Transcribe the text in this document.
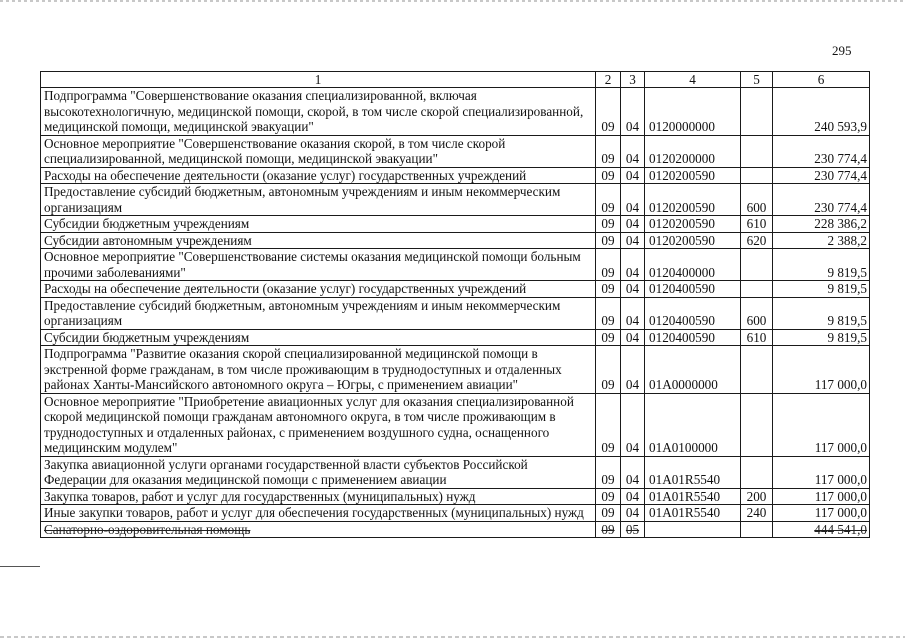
295
1	2	3	4	5	6
Подпрограмма "Совершенствование оказания специализированной, включая высокотехнологичную, медицинской помощи, скорой, в том числе скорой специализированной, медицинской помощи, медицинской эвакуации"	09	04	0120000000		240 593,9
Основное мероприятие "Совершенствование оказания скорой, в том числе скорой специализированной, медицинской помощи, медицинской эвакуации"	09	04	0120200000		230 774,4
Расходы на обеспечение деятельности (оказание услуг) государственных учреждений	09	04	0120200590		230 774,4
Предоставление субсидий бюджетным, автономным учреждениям и иным некоммерческим организациям	09	04	0120200590	600	230 774,4
Субсидии бюджетным учреждениям	09	04	0120200590	610	228 386,2
Субсидии автономным учреждениям	09	04	0120200590	620	2 388,2
Основное мероприятие "Совершенствование системы оказания медицинской помощи больным прочими заболеваниями"	09	04	0120400000		9 819,5
Расходы на обеспечение деятельности (оказание услуг) государственных учреждений	09	04	0120400590		9 819,5
Предоставление субсидий бюджетным, автономным учреждениям и иным некоммерческим организациям	09	04	0120400590	600	9 819,5
Субсидии бюджетным учреждениям	09	04	0120400590	610	9 819,5
Подпрограмма "Развитие оказания скорой специализированной медицинской помощи в экстренной форме гражданам, в том числе проживающим в труднодоступных и отдаленных районах Ханты-Мансийского автономного округа – Югры, с применением авиации"	09	04	01А0000000		117 000,0
Основное мероприятие "Приобретение авиационных услуг для оказания специализированной скорой медицинской помощи гражданам автономного округа, в том числе проживающим в труднодоступных и отдаленных районах, с применением воздушного судна, оснащенного медицинским модулем"	09	04	01А0100000		117 000,0
Закупка авиационной услуги органами государственной власти субъектов Российской Федерации для оказания медицинской помощи с применением авиации	09	04	01А01R5540		117 000,0
Закупка товаров, работ и услуг для государственных (муниципальных) нужд	09	04	01А01R5540	200	117 000,0
Иные закупки товаров, работ и услуг для обеспечения государственных (муниципальных) нужд	09	04	01А01R5540	240	117 000,0
Санаторно-оздоровительная помощь	09	05			444 541,0
